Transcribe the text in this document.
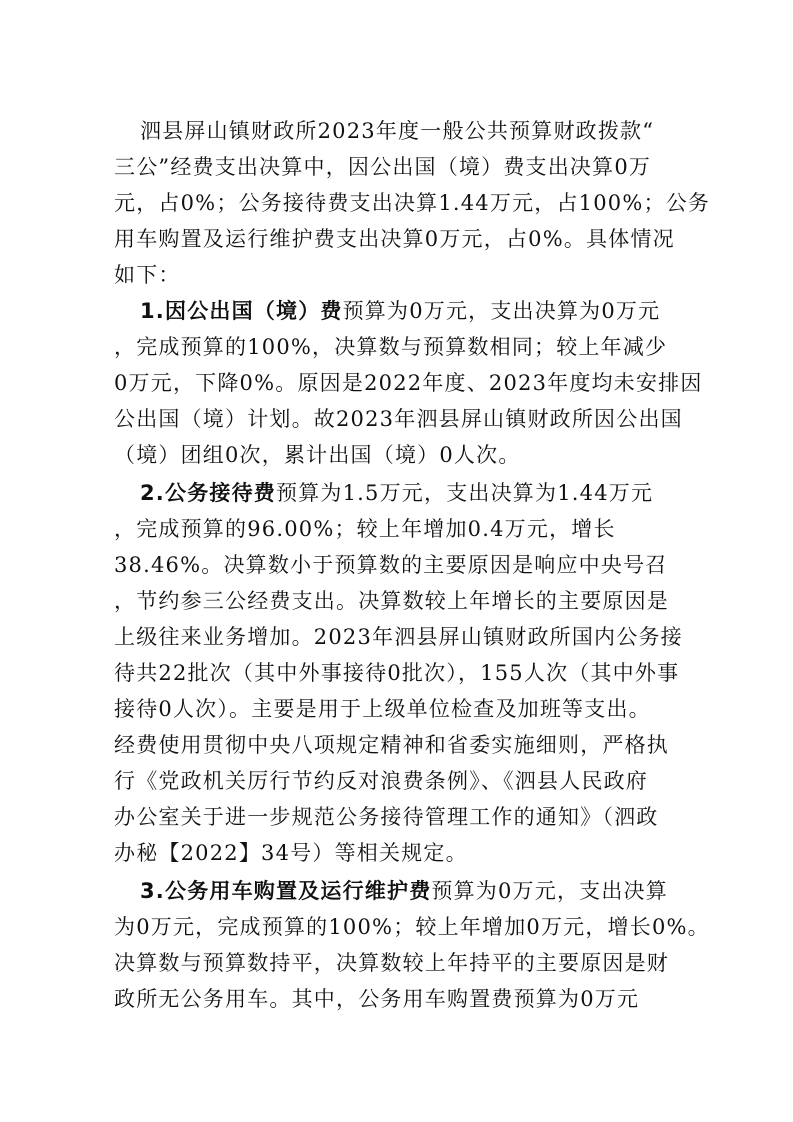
泗县屏山镇财政所2023年度一般公共预算财政拨款“
三公”经费支出决算中，因公出国（境）费支出决算0万
元，占0%；公务接待费支出决算1.44万元，占100%；公务
用车购置及运行维护费支出决算0万元，占0%。具体情况
如下：
1.因公出国（境）费预算为0万元，支出决算为0万元
，完成预算的100%，决算数与预算数相同；较上年减少
0万元，下降0%。原因是2022年度、2023年度均未安排因
公出国（境）计划。故2023年泗县屏山镇财政所因公出国
（境）团组0次，累计出国（境）0人次。
2.公务接待费预算为1.5万元，支出决算为1.44万元
，完成预算的96.00%；较上年增加0.4万元，增长
38.46%。决算数小于预算数的主要原因是响应中央号召
，节约参三公经费支出。决算数较上年增长的主要原因是
上级往来业务增加。2023年泗县屏山镇财政所国内公务接
待共22批次（其中外事接待0批次），155人次（其中外事
接待0人次）。主要是用于上级单位检查及加班等支出。
经费使用贯彻中央八项规定精神和省委实施细则，严格执
行《党政机关厉行节约反对浪费条例》、《泗县人民政府
办公室关于进一步规范公务接待管理工作的通知》（泗政
办秘【2022】34号）等相关规定。
3.公务用车购置及运行维护费预算为0万元，支出决算
为0万元，完成预算的100%；较上年增加0万元，增长0%。
决算数与预算数持平，决算数较上年持平的主要原因是财
政所无公务用车。其中，公务用车购置费预算为0万元
